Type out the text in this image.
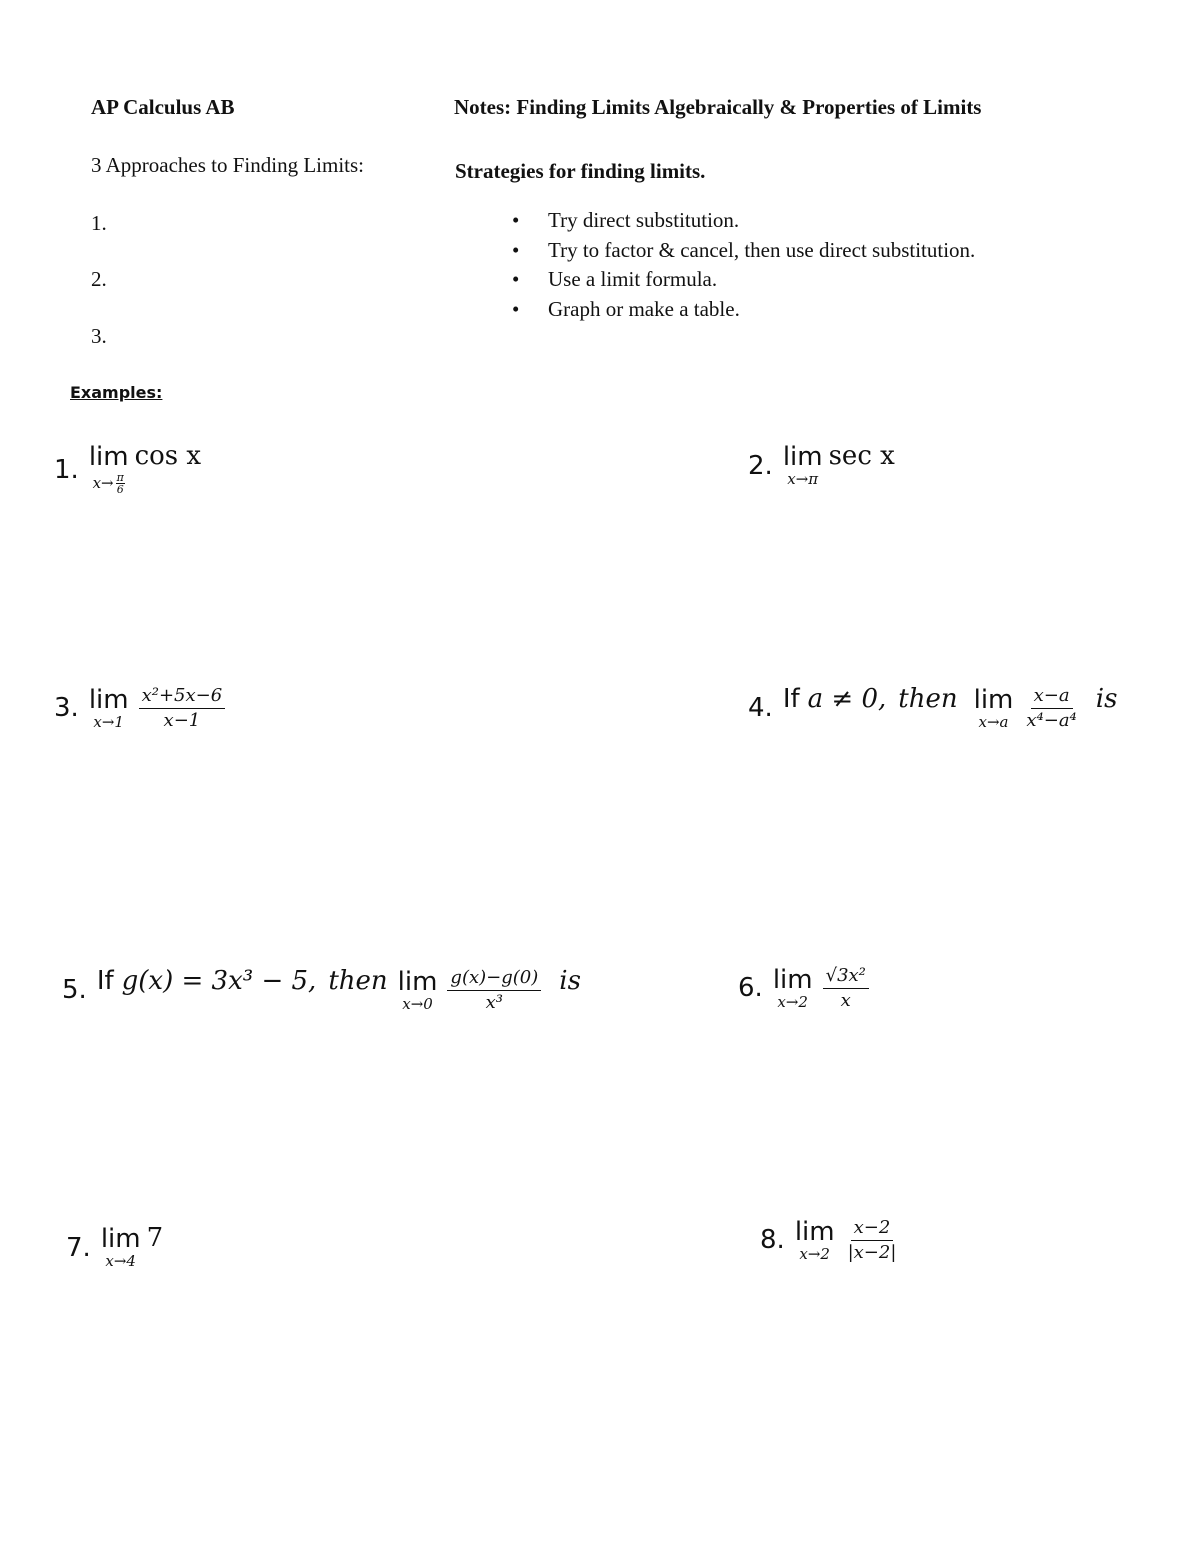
AP Calculus AB	Notes: Finding Limits Algebraically & Properties of Limits
3 Approaches to Finding Limits:
1.
2.
3.
Strategies for finding limits.
• Try direct substitution.
• Try to factor & cancel, then use direct substitution.
• Use a limit formula.
• Graph or make a table.
Examples:
1. lim
$x\to \frac{\pi}{6}$
cos x	2. lim
x→π
sec x
3. lim
$x\to 1 \frac{\text{x²+5x−6}}{x-1}$	4. If a ≠ 0, then lim
$x\to a \frac{x-a}{\text{x⁴−a⁴}}$ is
5. If g(x) = 3x³ − 5, then lim
$x\to 0 \frac{g(x)-g(0)}{\text{x³}}$ is	6. lim
$x\to 2 \frac{\text{√3x²}}{x}$
7. lim
x→4
7	8. lim
$x\to 2 \frac{x-2}{|x-2|}$
